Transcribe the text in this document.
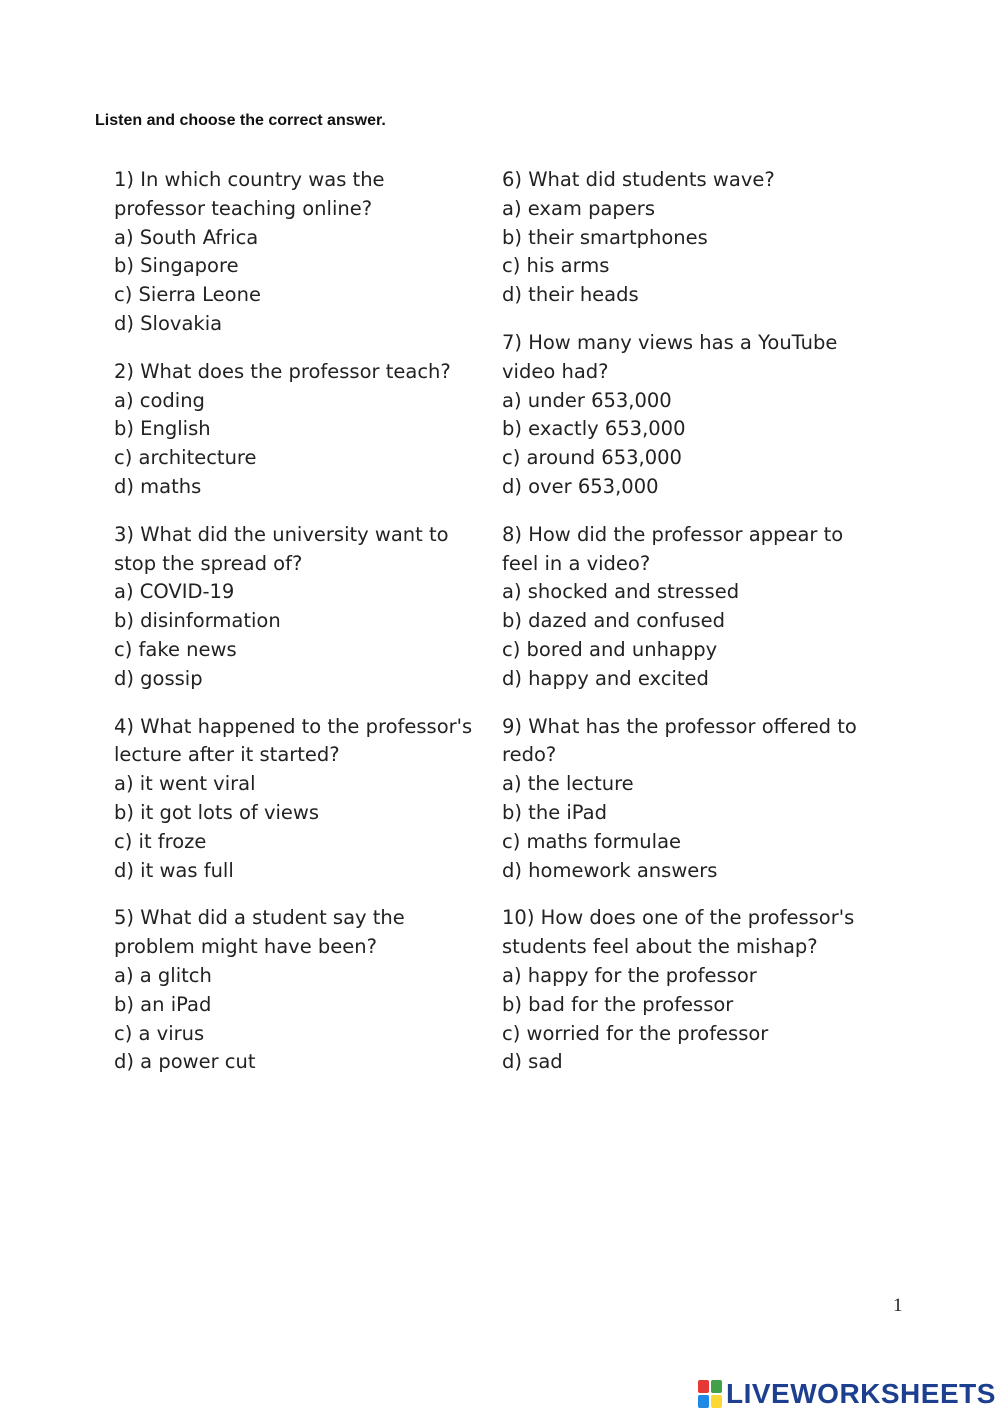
Listen and choose the correct answer.

1) In which country was the
professor teaching online?
a) South Africa
b) Singapore
c) Sierra Leone
d) Slovakia
2) What does the professor teach?
a) coding
b) English
c) architecture
d) maths
3) What did the university want to
stop the spread of?
a) COVID-19
b) disinformation
c) fake news
d) gossip
4) What happened to the professor's
lecture after it started?
a) it went viral
b) it got lots of views
c) it froze
d) it was full
5) What did a student say the
problem might have been?
a) a glitch
b) an iPad
c) a virus
d) a power cut
6) What did students wave?
a) exam papers
b) their smartphones
c) his arms
d) their heads
7) How many views has a YouTube
video had?
a) under 653,000
b) exactly 653,000
c) around 653,000
d) over 653,000
8) How did the professor appear to
feel in a video?
a) shocked and stressed
b) dazed and confused
c) bored and unhappy
d) happy and excited
9) What has the professor offered to
redo?
a) the lecture
b) the iPad
c) maths formulae
d) homework answers
10) How does one of the professor's
students feel about the mishap?
a) happy for the professor
b) bad for the professor
c) worried for the professor
d) sad
1
LIVEWORKSHEETS
